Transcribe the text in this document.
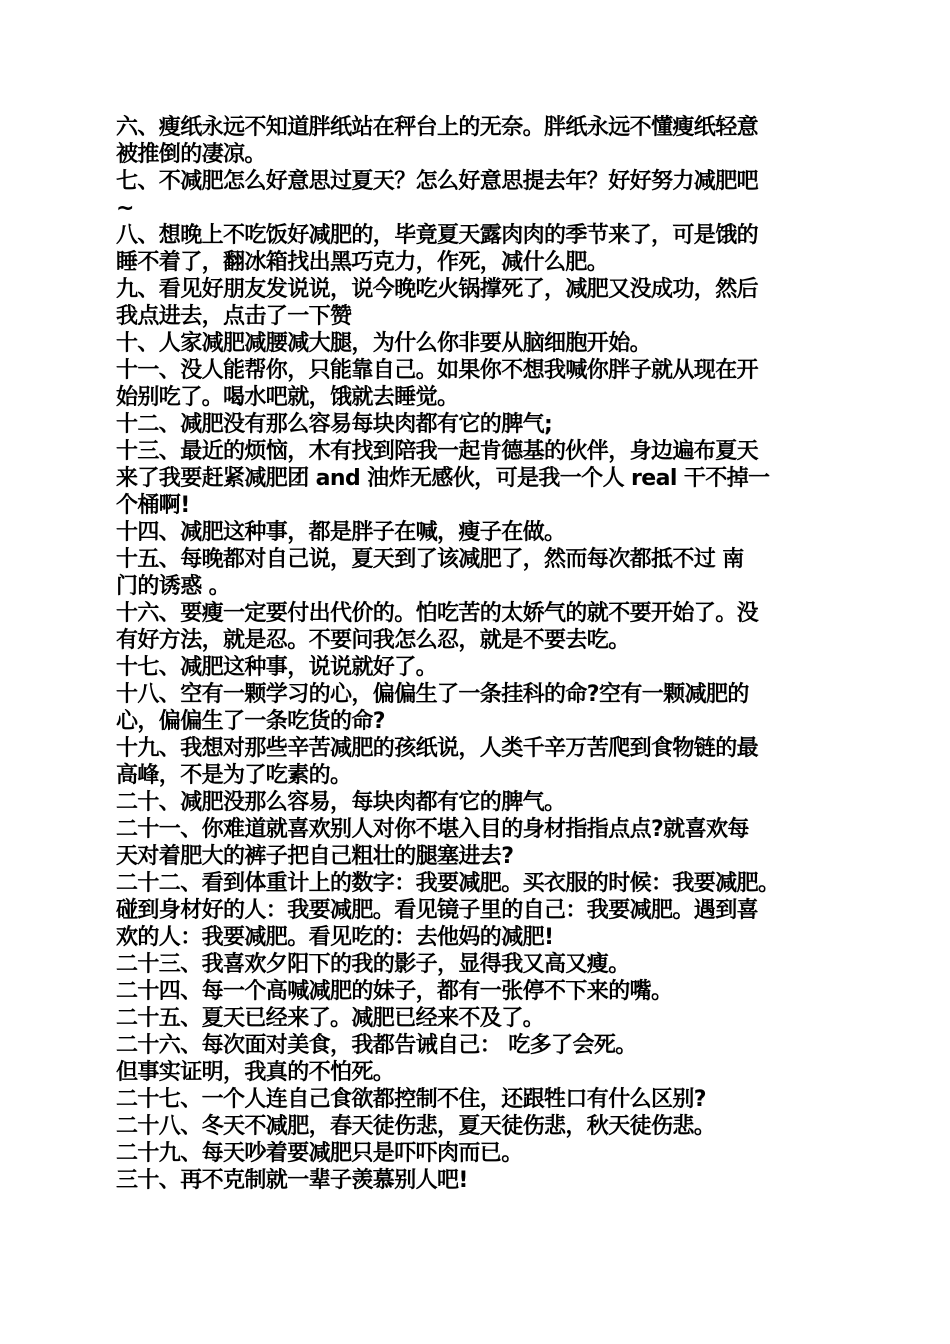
六、瘦纸永远不知道胖纸站在秤台上的无奈。胖纸永远不懂瘦纸轻意
被推倒的凄凉。
七、不减肥怎么好意思过夏天？怎么好意思提去年？好好努力减肥吧
~
八、想晚上不吃饭好减肥的，毕竟夏天露肉肉的季节来了，可是饿的
睡不着了，翻冰箱找出黑巧克力，作死，减什么肥。
九、看见好朋友发说说，说今晚吃火锅撑死了，减肥又没成功，然后
我点进去，点击了一下赞
十、人家减肥减腰减大腿，为什么你非要从脑细胞开始。
十一、没人能帮你，只能靠自己。如果你不想我喊你胖子就从现在开
始别吃了。喝水吧就，饿就去睡觉。
十二、减肥没有那么容易每块肉都有它的脾气;
十三、最近的烦恼，木有找到陪我一起肯德基的伙伴，身边遍布夏天
来了我要赶紧减肥团 and 油炸无感伙，可是我一个人 real 干不掉一
个桶啊!
十四、减肥这种事，都是胖子在喊，瘦子在做。
十五、每晚都对自己说，夏天到了该减肥了，然而每次都抵不过 南
门的诱惑 。
十六、要瘦一定要付出代价的。怕吃苦的太娇气的就不要开始了。没
有好方法，就是忍。不要问我怎么忍，就是不要去吃。
十七、减肥这种事，说说就好了。
十八、空有一颗学习的心，偏偏生了一条挂科的命?空有一颗减肥的
心，偏偏生了一条吃货的命?
十九、我想对那些辛苦减肥的孩纸说，人类千辛万苦爬到食物链的最
高峰，不是为了吃素的。
二十、减肥没那么容易，每块肉都有它的脾气。
二十一、你难道就喜欢别人对你不堪入目的身材指指点点?就喜欢每
天对着肥大的裤子把自己粗壮的腿塞进去?
二十二、看到体重计上的数字：我要减肥。买衣服的时候：我要减肥。
碰到身材好的人：我要减肥。看见镜子里的自己：我要减肥。遇到喜
欢的人：我要减肥。看见吃的：去他妈的减肥!
二十三、我喜欢夕阳下的我的影子，显得我又高又瘦。
二十四、每一个高喊减肥的妹子，都有一张停不下来的嘴。
二十五、夏天已经来了。减肥已经来不及了。
二十六、每次面对美食，我都告诫自己： 吃多了会死。
但事实证明，我真的不怕死。
二十七、一个人连自己食欲都控制不住，还跟牲口有什么区别?
二十八、冬天不减肥，春天徒伤悲，夏天徒伤悲，秋天徒伤悲。
二十九、每天吵着要减肥只是吓吓肉而已。
三十、再不克制就一辈子羡慕别人吧!
